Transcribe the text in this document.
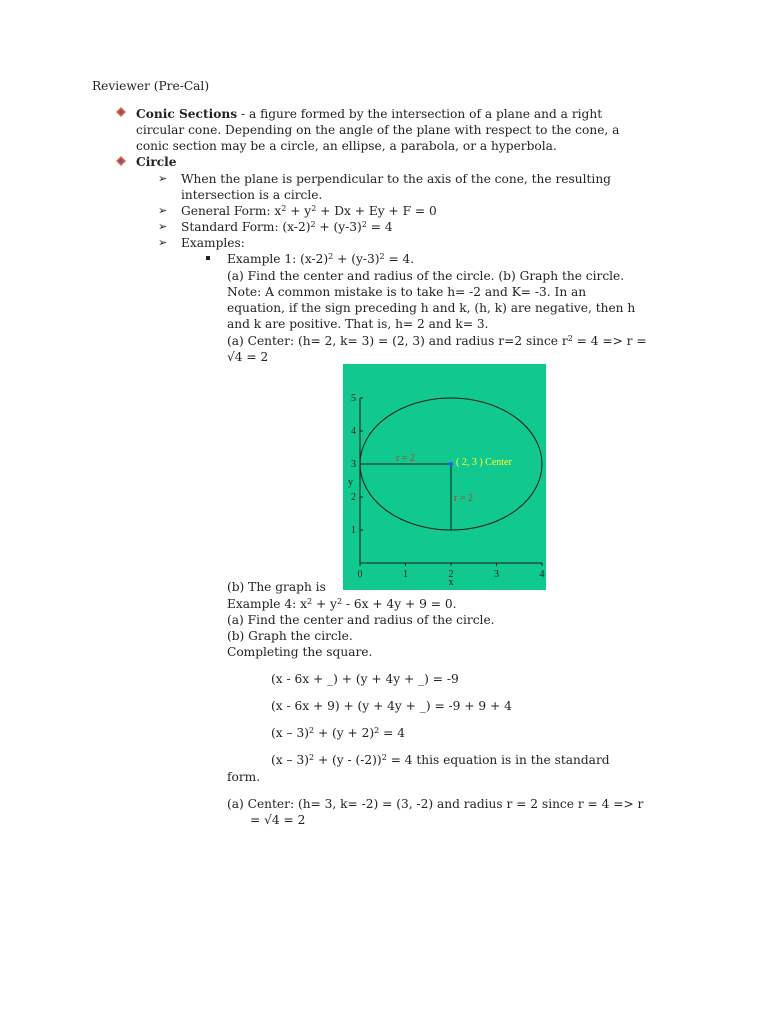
Reviewer (Pre-Cal)
Conic Sections - a figure formed by the intersection of a plane and a right
circular cone. Depending on the angle of the plane with respect to the cone, a
conic section may be a circle, an ellipse, a parabola, or a hyperbola.
Circle
➢ When the plane is perpendicular to the axis of the cone, the resulting
intersection is a circle.
➢ General Form: $x^2 + y^2 + Dx + Ey + F = 0$
➢ Standard Form: $(x-2)^2 + (y-3)^2 = 4$
➢ Examples:
Example 1: $(x-2)^2 + (y-3)^2 = 4$.
(a) Find the center and radius of the circle. (b) Graph the circle.
Note: A common mistake is to take h= -2 and K= -3. In an
equation, if the sign preceding h and k, (h, k) are negative, then h
and k are positive. That is, h= 2 and k= 3.
(a) Center: (h= 2, k= 3) = (2, 3) and radius r=2 since $r^2 = 4 => r$ =
√4 = 2
0	1	2	3	4
1
2
3
4
5
x
y
r = 2
r = 2
( 2, 3 ) Center
(b) The graph is
Example 4: $x^2 + y^2 - 6x + 4y + 9 = 0$.
(a) Find the center and radius of the circle.
(b) Graph the circle.
Completing the square.
(x - 6x + _) + (y + 4y + _) = -9
(x - 6x + 9) + (y + 4y + _) = -9 + 9 + 4
$(x - 3)^2 + (y + 2)^2 = 4$
(x – 3)$^2$ + (y - (-2))$^2$ = 4 this equation is in the standard
form.
(a) Center: (h= 3, k= -2) = (3, -2) and radius r = 2 since r = 4 => r
= √4 = 2
